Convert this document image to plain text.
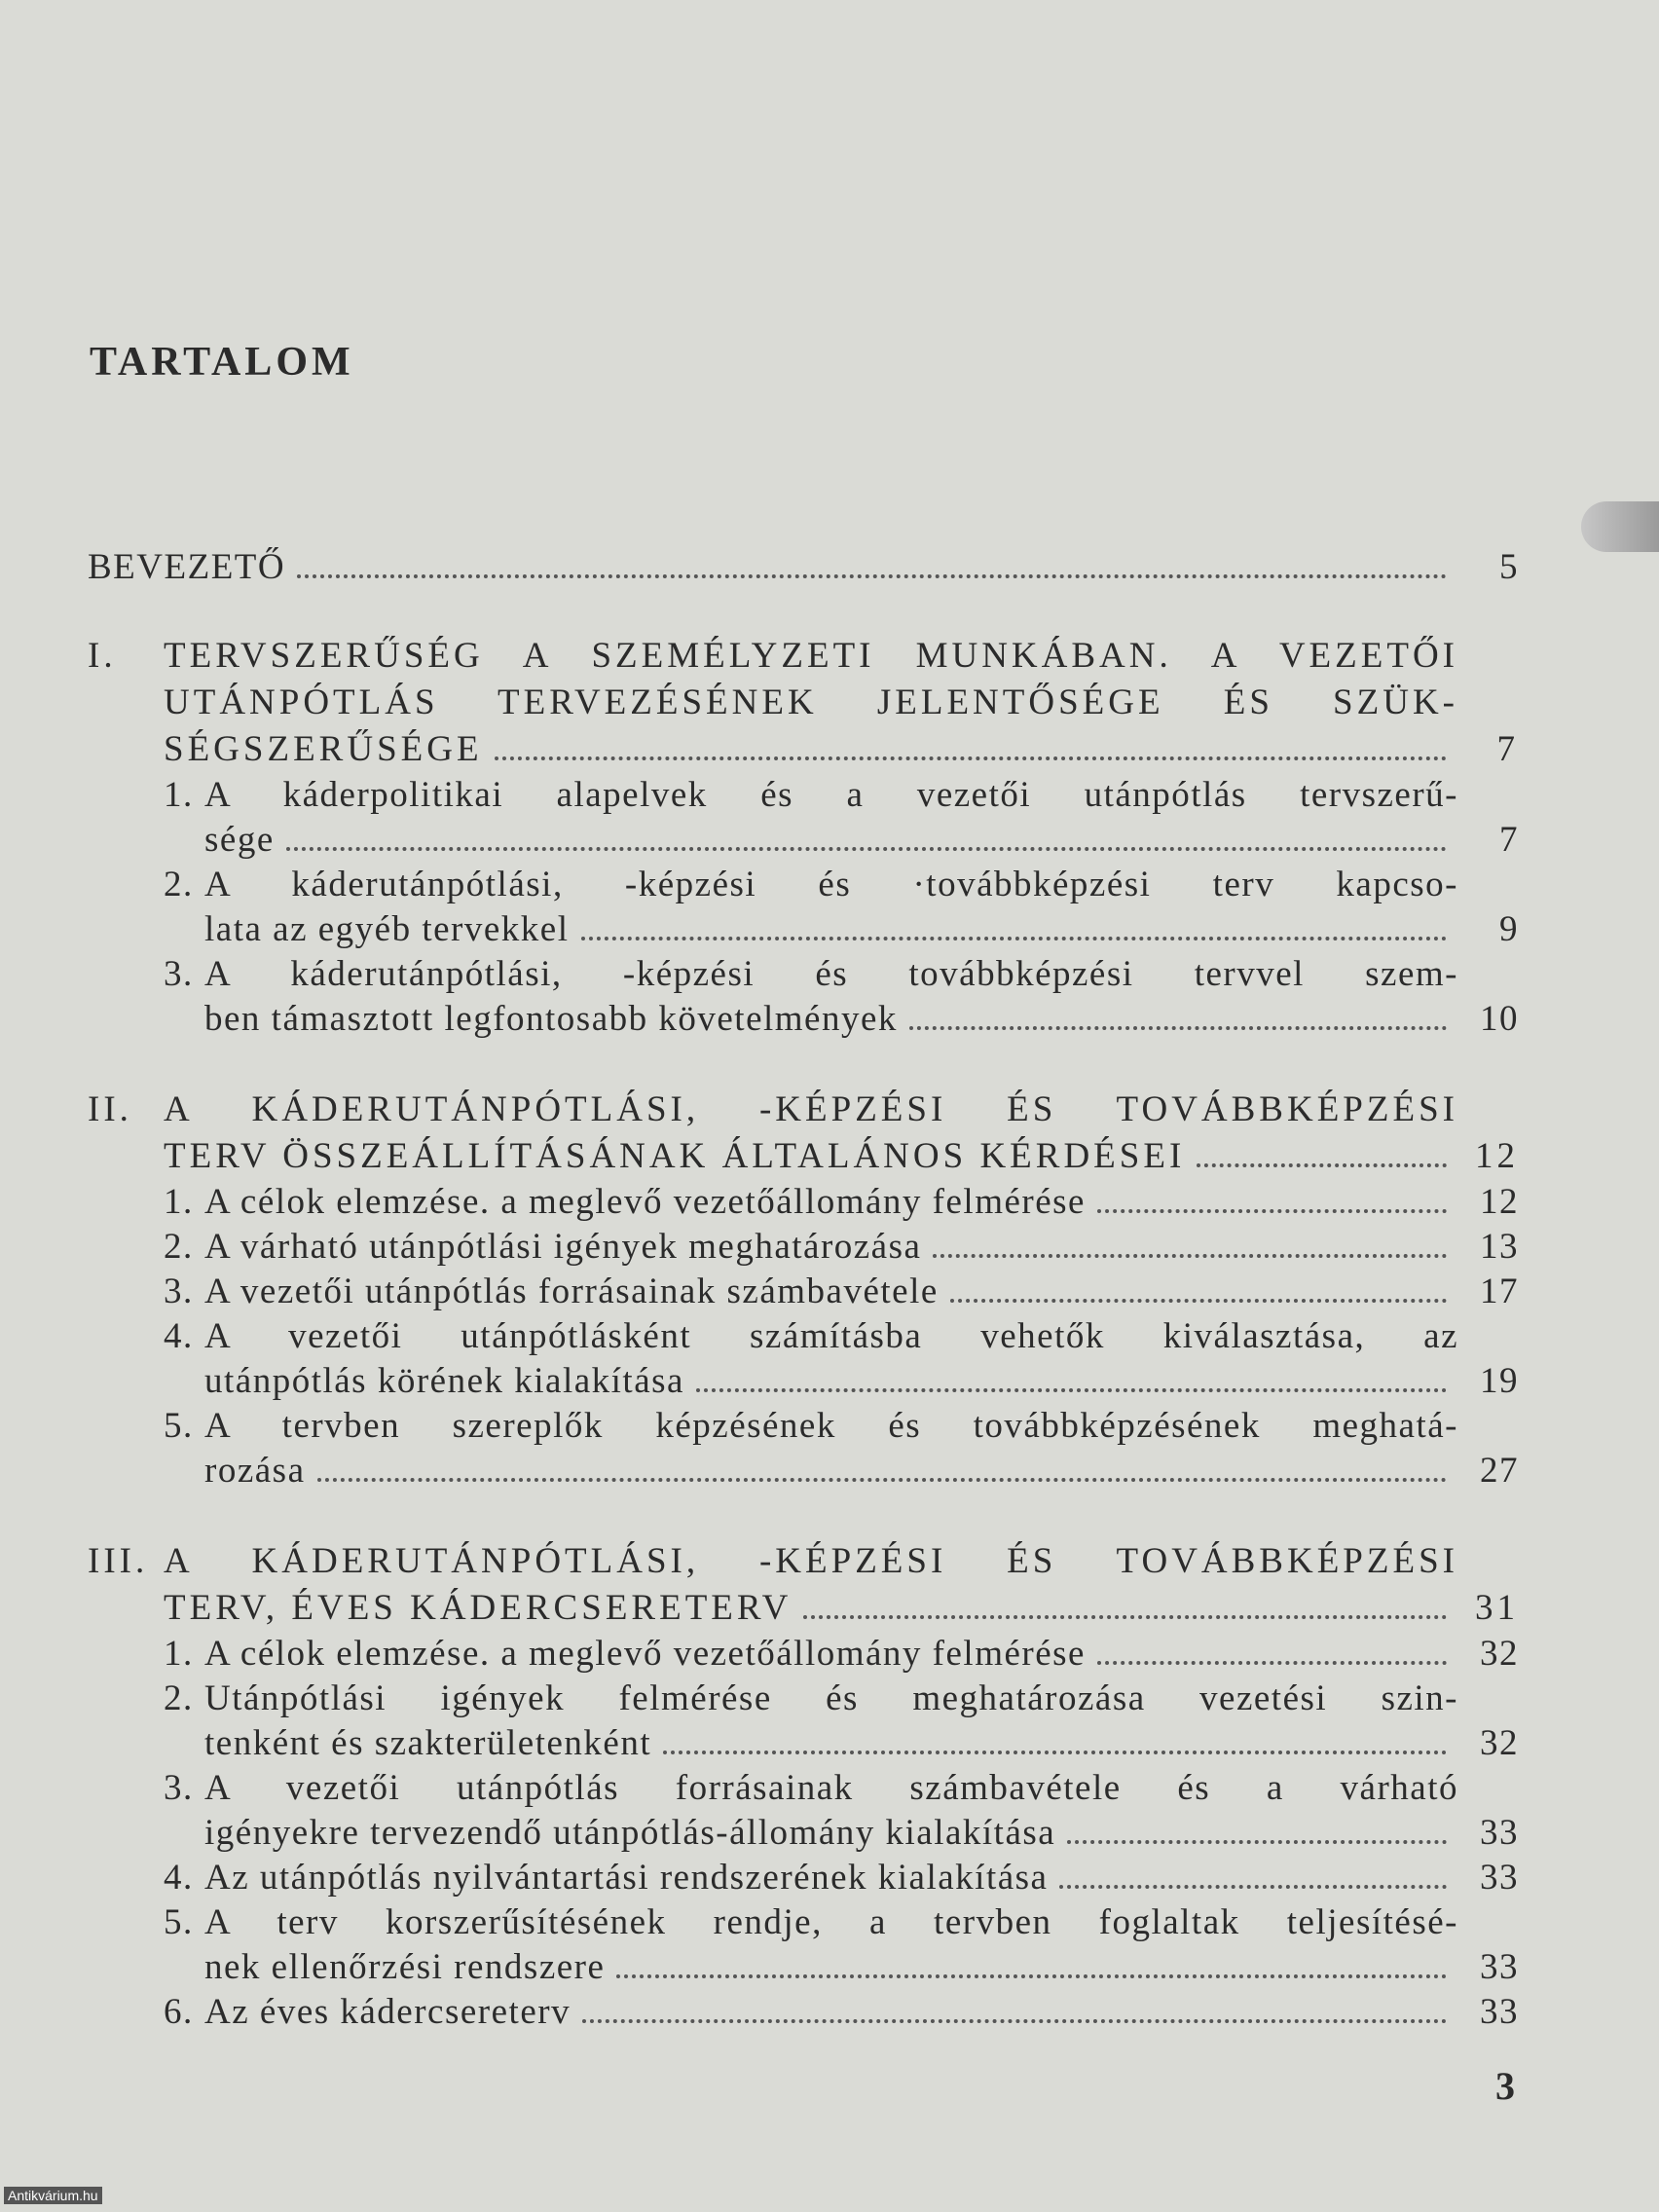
TARTALOM
BEVEZETŐ	5
I.	TERVSZERŰSÉG A SZEMÉLYZETI MUNKÁBAN. A VEZETŐI
UTÁNPÓTLÁS TERVEZÉSÉNEK JELENTŐSÉGE ÉS SZÜK-
SÉGSZERŰSÉGE	7
1. A káderpolitikai alapelvek és a vezetői utánpótlás tervszerű-
sége	7
2. A káderutánpótlási, -képzési és ·továbbképzési terv kapcso-
lata az egyéb tervekkel	9
3. A káderutánpótlási, -képzési és továbbképzési tervvel szem-
ben támasztott legfontosabb követelmények	10
II. A KÁDERUTÁNPÓTLÁSI, -KÉPZÉSI ÉS TOVÁBBKÉPZÉSI
TERV ÖSSZEÁLLÍTÁSÁNAK ÁLTALÁNOS KÉRDÉSEI	12
1. A célok elemzése. a meglevő vezetőállomány felmérése	12
2. A várható utánpótlási igények meghatározása	13
3. A vezetői utánpótlás forrásainak számbavétele	17
4. A vezetői utánpótlásként számításba vehetők kiválasztása, az
utánpótlás körének kialakítása	19
5. A tervben szereplők képzésének és továbbképzésének meghatá-
rozása	27
III. A KÁDERUTÁNPÓTLÁSI, -KÉPZÉSI ÉS TOVÁBBKÉPZÉSI
TERV, ÉVES KÁDERCSERETERV	31
1. A célok elemzése. a meglevő vezetőállomány felmérése	32
2. Utánpótlási igények felmérése és meghatározása vezetési szin-
tenként és szakterületenként	32
3. A vezetői utánpótlás forrásainak számbavétele és a várható
igényekre tervezendő utánpótlás-állomány kialakítása	33
4. Az utánpótlás nyilvántartási rendszerének kialakítása	33
5. A terv korszerűsítésének rendje, a tervben foglaltak teljesítésé-
nek ellenőrzési rendszere	33
6. Az éves kádercsereterv	33
3
Antikvárium.hu
